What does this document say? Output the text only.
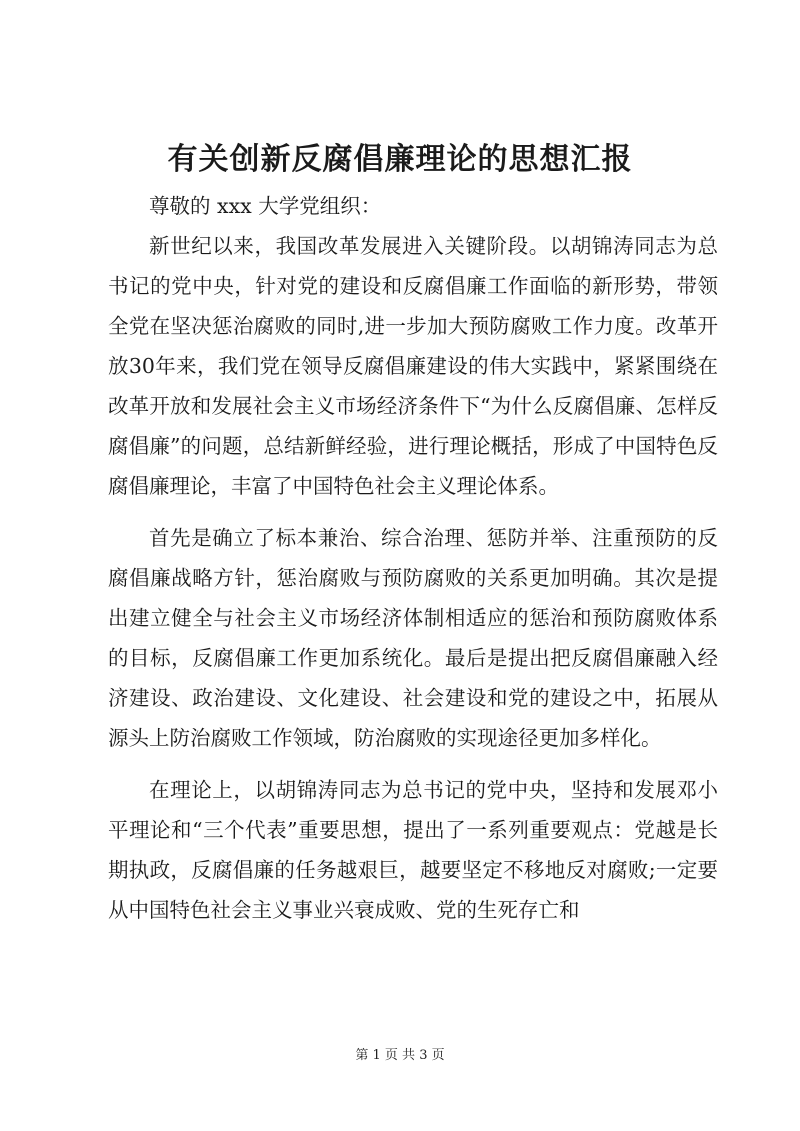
有关创新反腐倡廉理论的思想汇报

尊敬的 xxx 大学党组织：

新世纪以来，我国改革发展进入关键阶段。以胡锦涛同志为总书记的党中央，针对党的建设和反腐倡廉工作面临的新形势，带领全党在坚决惩治腐败的同时,进一步加大预防腐败工作力度。改革开放30年来，我们党在领导反腐倡廉建设的伟大实践中，紧紧围绕在改革开放和发展社会主义市场经济条件下“为什么反腐倡廉、怎样反腐倡廉”的问题，总结新鲜经验，进行理论概括，形成了中国特色反腐倡廉理论，丰富了中国特色社会主义理论体系。

首先是确立了标本兼治、综合治理、惩防并举、注重预防的反腐倡廉战略方针，惩治腐败与预防腐败的关系更加明确。其次是提出建立健全与社会主义市场经济体制相适应的惩治和预防腐败体系的目标，反腐倡廉工作更加系统化。最后是提出把反腐倡廉融入经济建设、政治建设、文化建设、社会建设和党的建设之中，拓展从源头上防治腐败工作领域，防治腐败的实现途径更加多样化。

在理论上，以胡锦涛同志为总书记的党中央，坚持和发展邓小平理论和“三个代表”重要思想，提出了一系列重要观点：党越是长期执政，反腐倡廉的任务越艰巨，越要坚定不移地反对腐败;一定要从中国特色社会主义事业兴衰成败、党的生死存亡和

第 1 页 共 3 页
